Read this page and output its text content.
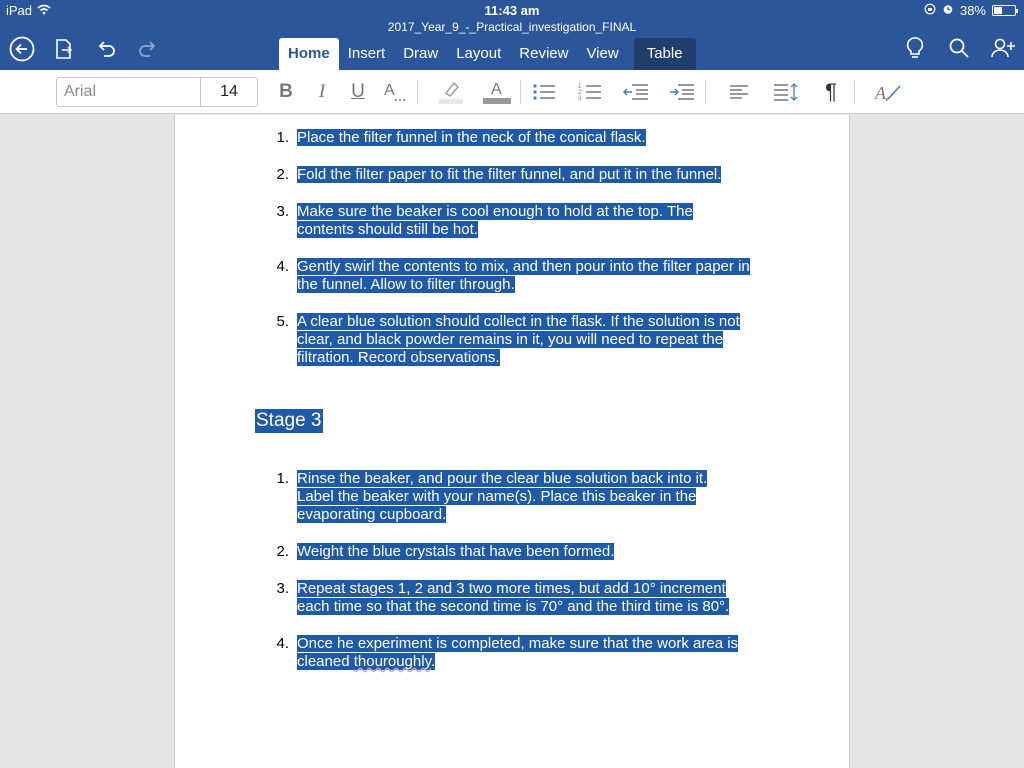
iPad	11:43 am	38%
2017_Year_9_-_Practical_investigation_FINAL
Home	Insert	Draw	Layout	Review	View	Table
Arial	14	B	I	U	A	A	1
2
3	¶	A
1. Place the filter funnel in the neck of the conical flask.
2. Fold the filter paper to fit the filter funnel, and put it in the funnel.
3. Make sure the beaker is cool enough to hold at the top. The contents should still be hot.
4. Gently swirl the contents to mix, and then pour into the filter paper in the funnel. Allow to filter through.
5. A clear blue solution should collect in the flask. If the solution is not clear, and black powder remains in it, you will need to repeat the filtration. Record observations.
Stage 3
1. Rinse the beaker, and pour the clear blue solution back into it. Label the beaker with your name(s). Place this beaker in the evaporating cupboard.
2. Weight the blue crystals that have been formed.
3. Repeat stages 1, 2 and 3 two more times, but add 10° increment each time so that the second time is 70° and the third time is 80°.
4. Once he experiment is completed, make sure that the work area is cleaned thouroughly.
